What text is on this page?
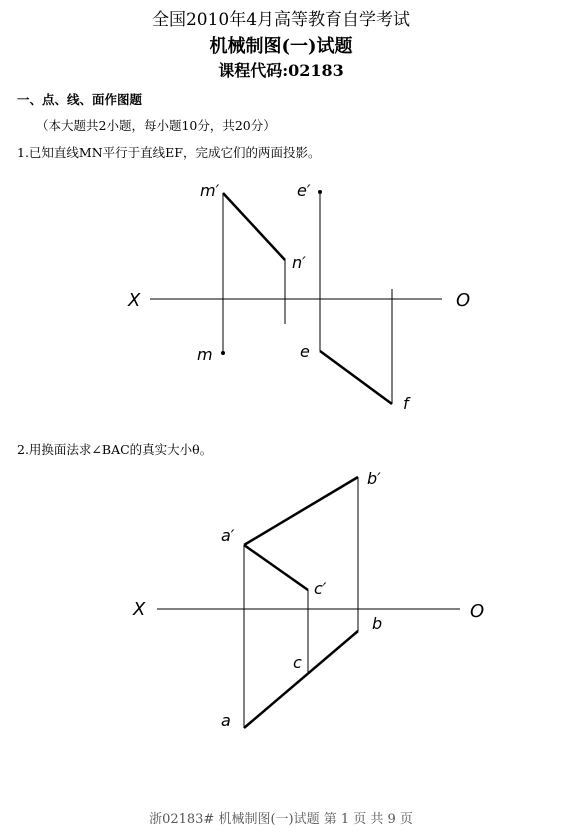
全国2010年4月高等教育自学考试
机械制图(一)试题
课程代码:02183
一、点、线、面作图题
（本大题共2小题，每小题10分，共20分）
1.已知直线MN平行于直线EF，完成它们的两面投影。
2.用换面法求∠BAC的真实大小θ。
X	O
m′	e′
n′
m	e
f
X	O
b′
a′
c′
b
c
a
浙02183# 机械制图(一)试题 第 1 页 共 9 页
